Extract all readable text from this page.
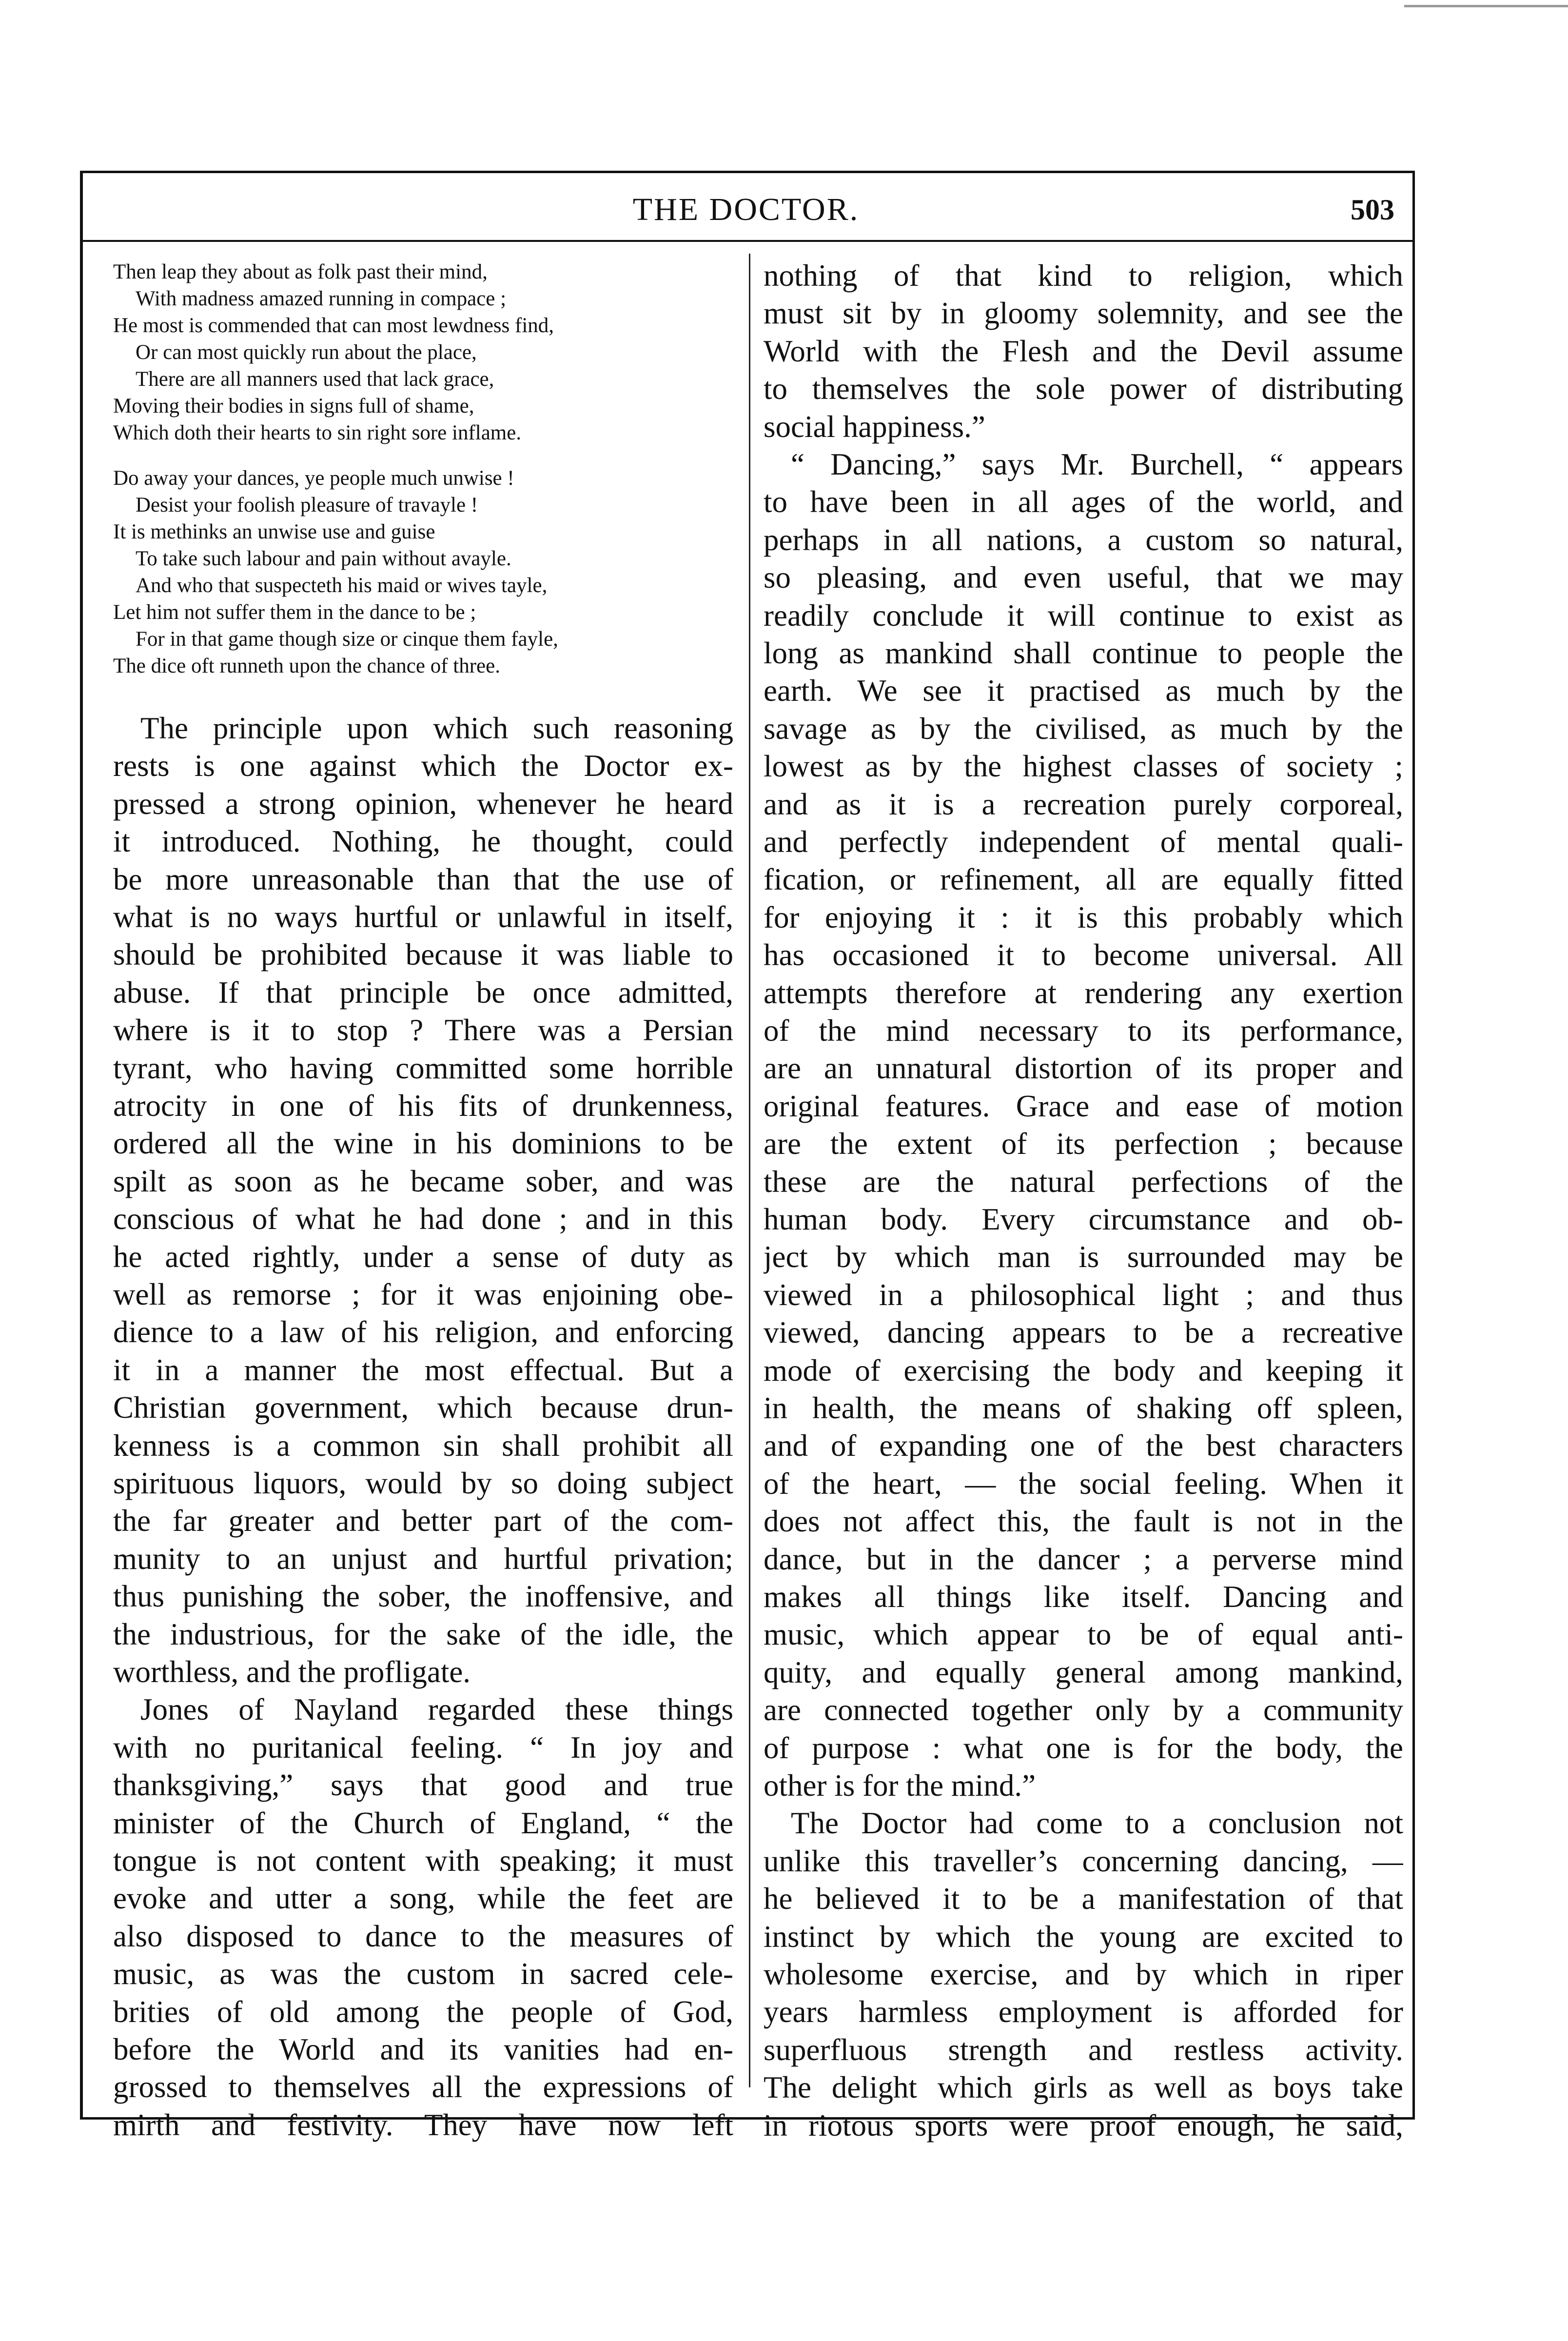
THE DOCTOR.	503
Then leap they about as folk past their mind,
With madness amazed running in compace ;
He most is commended that can most lewdness find,
Or can most quickly run about the place,
There are all manners used that lack grace,
Moving their bodies in signs full of shame,
Which doth their hearts to sin right sore inflame.
Do away your dances, ye people much unwise !
Desist your foolish pleasure of travayle !
It is methinks an unwise use and guise
To take such labour and pain without avayle.
And who that suspecteth his maid or wives tayle,
Let him not suffer them in the dance to be ;
For in that game though size or cinque them fayle,
The dice oft runneth upon the chance of three.
The principle upon which such reasoning
rests is one against which the Doctor ex-
pressed a strong opinion, whenever he heard
it introduced. Nothing, he thought, could
be more unreasonable than that the use of
what is no ways hurtful or unlawful in itself,
should be prohibited because it was liable to
abuse. If that principle be once admitted,
where is it to stop ? There was a Persian
tyrant, who having committed some horrible
atrocity in one of his fits of drunkenness,
ordered all the wine in his dominions to be
spilt as soon as he became sober, and was
conscious of what he had done ; and in this
he acted rightly, under a sense of duty as
well as remorse ; for it was enjoining obe-
dience to a law of his religion, and enforcing
it in a manner the most effectual. But a
Christian government, which because drun-
kenness is a common sin shall prohibit all
spirituous liquors, would by so doing subject
the far greater and better part of the com-
munity to an unjust and hurtful privation;
thus punishing the sober, the inoffensive, and
the industrious, for the sake of the idle, the
worthless, and the profligate.
Jones of Nayland regarded these things
with no puritanical feeling. “ In joy and
thanksgiving,” says that good and true
minister of the Church of England, “ the
tongue is not content with speaking; it must
evoke and utter a song, while the feet are
also disposed to dance to the measures of
music, as was the custom in sacred cele-
brities of old among the people of God,
before the World and its vanities had en-
grossed to themselves all the expressions of
mirth and festivity. They have now left
nothing of that kind to religion, which
must sit by in gloomy solemnity, and see the
World with the Flesh and the Devil assume
to themselves the sole power of distributing
social happiness.”
“ Dancing,” says Mr. Burchell, “ appears
to have been in all ages of the world, and
perhaps in all nations, a custom so natural,
so pleasing, and even useful, that we may
readily conclude it will continue to exist as
long as mankind shall continue to people the
earth. We see it practised as much by the
savage as by the civilised, as much by the
lowest as by the highest classes of society ;
and as it is a recreation purely corporeal,
and perfectly independent of mental quali-
fication, or refinement, all are equally fitted
for enjoying it : it is this probably which
has occasioned it to become universal. All
attempts therefore at rendering any exertion
of the mind necessary to its performance,
are an unnatural distortion of its proper and
original features. Grace and ease of motion
are the extent of its perfection ; because
these are the natural perfections of the
human body. Every circumstance and ob-
ject by which man is surrounded may be
viewed in a philosophical light ; and thus
viewed, dancing appears to be a recreative
mode of exercising the body and keeping it
in health, the means of shaking off spleen,
and of expanding one of the best characters
of the heart, — the social feeling. When it
does not affect this, the fault is not in the
dance, but in the dancer ; a perverse mind
makes all things like itself. Dancing and
music, which appear to be of equal anti-
quity, and equally general among mankind,
are connected together only by a community
of purpose : what one is for the body, the
other is for the mind.”
The Doctor had come to a conclusion not
unlike this traveller’s concerning dancing, —
he believed it to be a manifestation of that
instinct by which the young are excited to
wholesome exercise, and by which in riper
years harmless employment is afforded for
superfluous strength and restless activity.
The delight which girls as well as boys take
in riotous sports were proof enough, he said,
